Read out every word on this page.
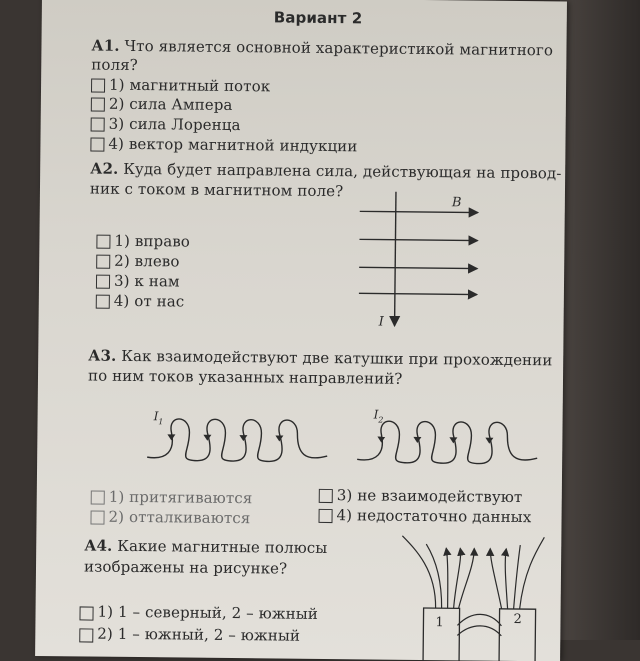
Вариант 2
А1. Что является основной характеристикой магнитного
поля?
1) магнитный поток
2) сила Ампера
3) сила Лоренца
4) вектор магнитной индукции
А2. Куда будет направлена сила, действующая на провод-
ник с током в магнитном поле?
1) вправо
2) влево
3) к нам
4) от нас
B
I
А3. Как взаимодействуют две катушки при прохождении
по ним токов указанных направлений?
$I_1$
$I_2$
1) притягиваются
2) отталкиваются
3) не взаимодействуют
4) недостаточно данных
А4. Какие магнитные полюсы
изображены на рисунке?
1) 1 – северный, 2 – южный
2) 1 – южный, 2 – южный
1	2
